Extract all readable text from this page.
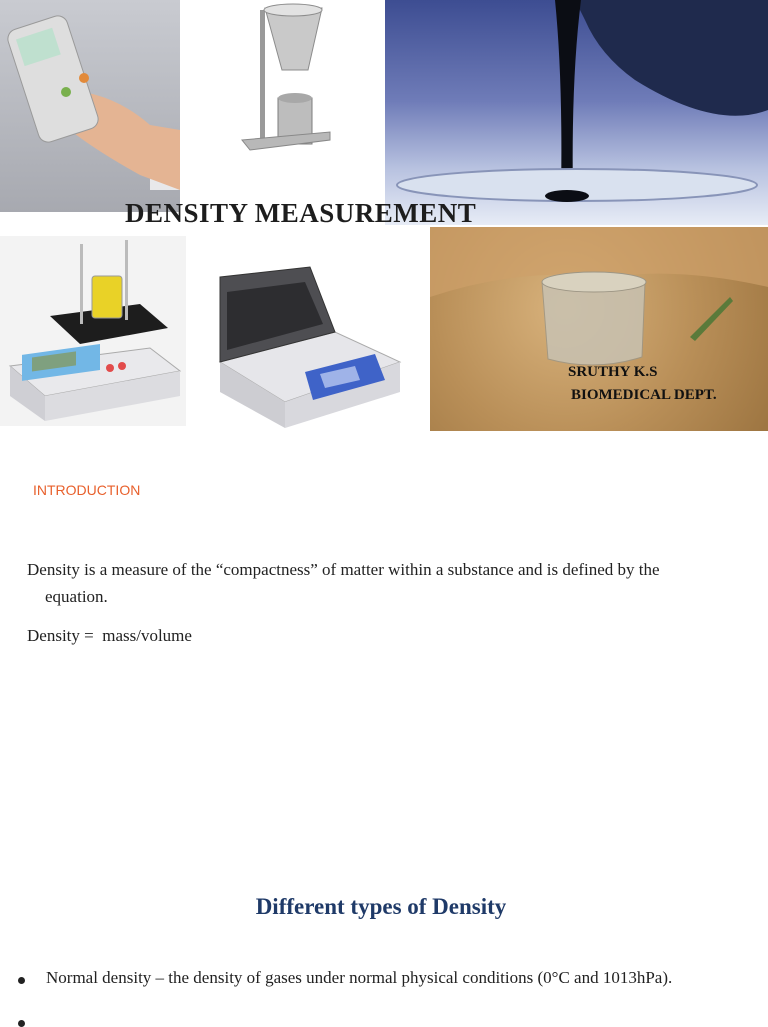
DENSITY MEASUREMENT
SRUTHY K.S
BIOMEDICAL DEPT.
INTRODUCTION
Density is a measure of the “compactness” of matter within a substance and is defined by the
equation.
Density =  mass/volume
Different types of Density
Normal density – the density of gases under normal physical conditions (0°C and 1013hPa).
